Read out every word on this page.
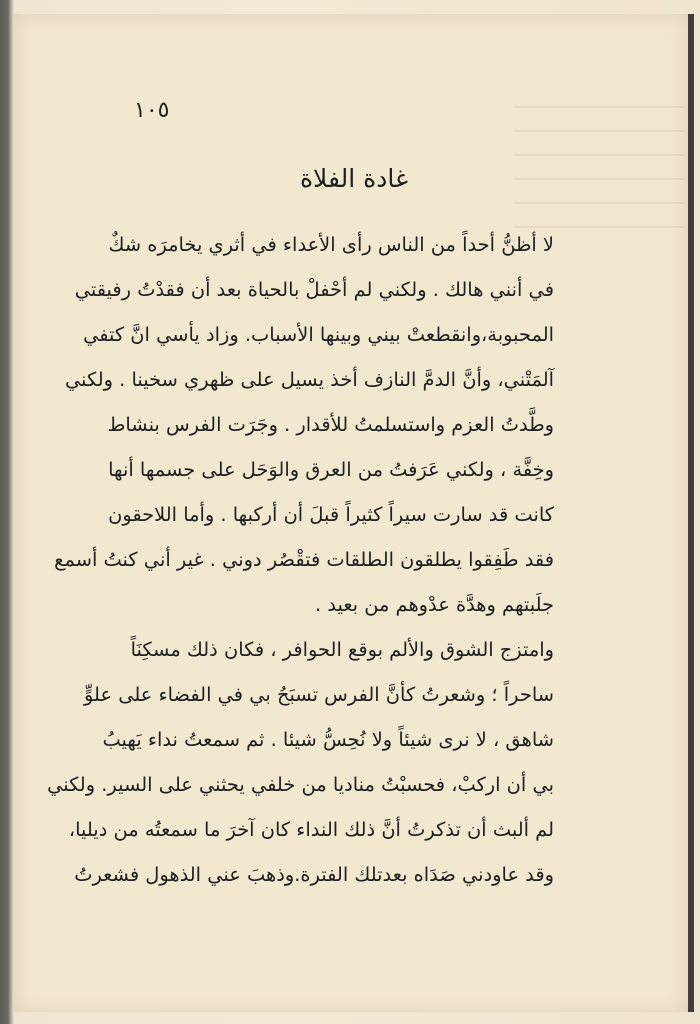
١٠٥
غادة الفلاة
لا أظنُّ أحداً من الناس رأى الأعداء في أثري يخامرَه شكٌ
في أنني هالك . ولكني لم أحْفلْ بالحياة بعد أن فقدْتُ رفيقتي
المحبوبة،وانقطعتْ بيني وبينها الأسباب. وزاد يأسي انَّ كتفي
آلمَتْني، وأنَّ الدمَّ النازف أخذ يسيل على ظهري سخينا . ولكني
وطَّدتُ العزم واستسلمتُ للأقدار . وجَرَت الفرس بنشاط
وخِفَّة ، ولكني عَرَفتُ من العرق والوَحَل على جسمها أنها
كانت قد سارت سيراً كثيراً قبلَ أن أركبها . وأما اللاحقون
فقد طَفِقوا يطلقون الطلقات فتقْصُر دوني . غير أني كنتُ أسمع
جلَبتهم وهدَّة عدْوهم من بعيد .
وامتزج الشوق والألم بوقع الحوافر ، فكان ذلك مسكِنَاً
ساحراً ؛ وشعرتُ كأنَّ الفرس تسبَحُ بي في الفضاء على علوٍّ
شاهق ، لا نرى شيئاً ولا نُحِسُّ شيئا . ثم سمعتُ نداء يَهيبُ
بي أن اركبْ، فحسبْتُ مناديا من خلفي يحثني على السير. ولكني
لم ألبث أن تذكرتُ أنَّ ذلك النداء كان آخرَ ما سمعتُه من ديليا،
وقد عاودني صَدَاه بعدتلك الفترة.وذهبَ عني الذهول فشعرتُ
